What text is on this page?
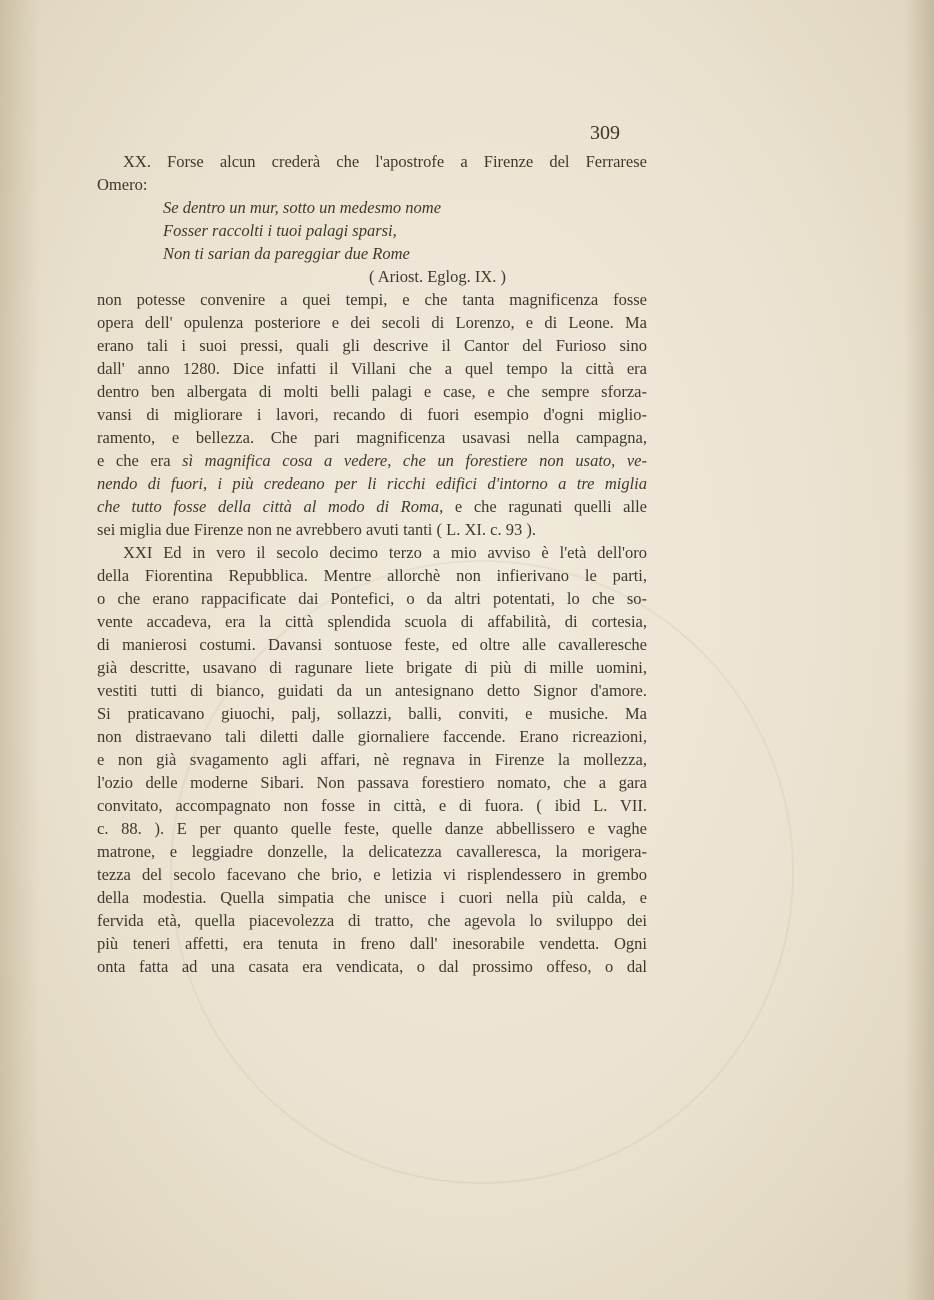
309
XX. Forse alcun crederà che l'apostrofe a Firenze del Ferrarese
Omero:
Se dentro un mur, sotto un medesmo nome
Fosser raccolti i tuoi palagi sparsi,
Non ti sarian da pareggiar due Rome
( Ariost. Eglog. IX. )
non potesse convenire a quei tempi, e che tanta magnificenza fosse
opera dell' opulenza posteriore e dei secoli di Lorenzo, e di Leone. Ma
erano tali i suoi pressi, quali gli descrive il Cantor del Furioso sino
dall' anno 1280. Dice infatti il Villani che a quel tempo la città era
dentro ben albergata di molti belli palagi e case, e che sempre sforza-
vansi di migliorare i lavori, recando di fuori esempio d'ogni miglio-
ramento, e bellezza. Che pari magnificenza usavasi nella campagna,
e che era sì magnifica cosa a vedere, che un forestiere non usato, ve-
nendo di fuori, i più credeano per li ricchi edifici d'intorno a tre miglia
che tutto fosse della città al modo di Roma, e che ragunati quelli alle
sei miglia due Firenze non ne avrebbero avuti tanti ( L. XI. c. 93 ).
XXI Ed in vero il secolo decimo terzo a mio avviso è l'età dell'oro
della Fiorentina Repubblica. Mentre allorchè non infierivano le parti,
o che erano rappacificate dai Pontefici, o da altri potentati, lo che so-
vente accadeva, era la città splendida scuola di affabilità, di cortesia,
di manierosi costumi. Davansi sontuose feste, ed oltre alle cavalleresche
già descritte, usavano di ragunare liete brigate di più di mille uomini,
vestiti tutti di bianco, guidati da un antesignano detto Signor d'amore.
Si praticavano giuochi, palj, sollazzi, balli, conviti, e musiche. Ma
non distraevano tali diletti dalle giornaliere faccende. Erano ricreazioni,
e non già svagamento agli affari, nè regnava in Firenze la mollezza,
l'ozio delle moderne Sibari. Non passava forestiero nomato, che a gara
convitato, accompagnato non fosse in città, e di fuora. ( ibid L. VII.
c. 88. ). E per quanto quelle feste, quelle danze abbellissero e vaghe
matrone, e leggiadre donzelle, la delicatezza cavalleresca, la morigera-
tezza del secolo facevano che brio, e letizia vi risplendessero in grembo
della modestia. Quella simpatia che unisce i cuori nella più calda, e
fervida età, quella piacevolezza di tratto, che agevola lo sviluppo dei
più teneri affetti, era tenuta in freno dall' inesorabile vendetta. Ogni
onta fatta ad una casata era vendicata, o dal prossimo offeso, o dal
